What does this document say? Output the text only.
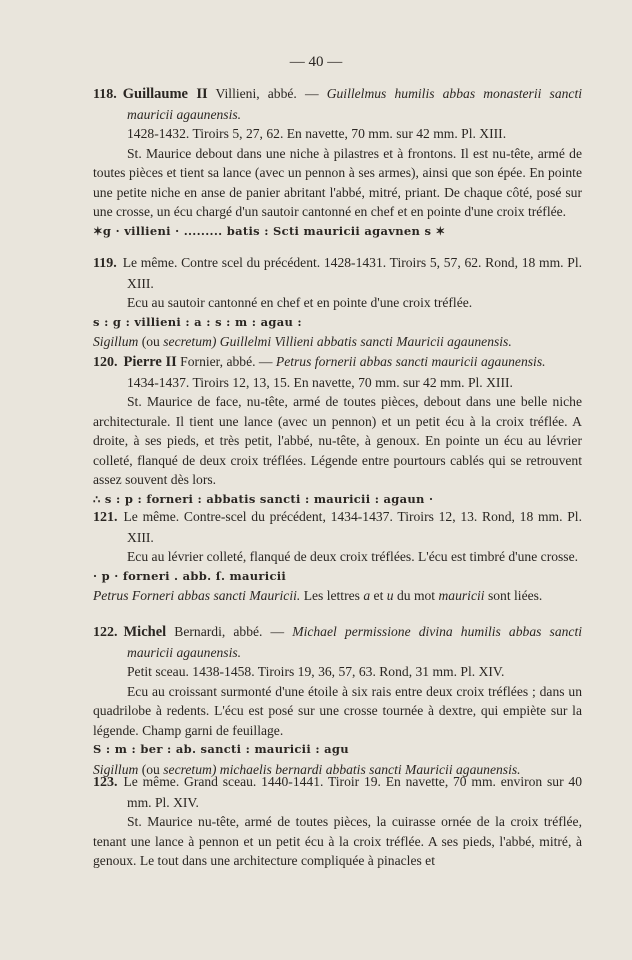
— 40 —

118. Guillaume II Villieni, abbé. — Guillelmus humilis abbas monasterii sancti mauricii agaunensis.

1428-1432. Tiroirs 5, 27, 62. En navette, 70 mm. sur 42 mm. Pl. XIII.

St. Maurice debout dans une niche à pilastres et à frontons. Il est nu-tête, armé de toutes pièces et tient sa lance (avec un pennon à ses armes), ainsi que son épée. En pointe une petite niche en anse de panier abritant l'abbé, mitré, priant. De chaque côté, posé sur une crosse, un écu chargé d'un sautoir cantonné en chef et en pointe d'une croix tréflée.

✶g · villieni · ......... batis : Scti mauricii agavnen s ✶

119. Le même. Contre scel du précédent. 1428-1431. Tiroirs 5, 57, 62. Rond, 18 mm. Pl. XIII.

Ecu au sautoir cantonné en chef et en pointe d'une croix tréflée.

s : g : villieni : a : s : m : agau :

Sigillum (ou secretum) Guillelmi Villieni abbatis sancti Mauricii agaunensis.

120. Pierre II Fornier, abbé. — Petrus fornerii abbas sancti mauricii agaunensis.

1434-1437. Tiroirs 12, 13, 15. En navette, 70 mm. sur 42 mm. Pl. XIII.

St. Maurice de face, nu-tête, armé de toutes pièces, debout dans une belle niche architecturale. Il tient une lance (avec un pennon) et un petit écu à la croix tréflée. A droite, à ses pieds, et très petit, l'abbé, nu-tête, à genoux. En pointe un écu au lévrier colleté, flanqué de deux croix tréflées. Légende entre pourtours cablés qui se retrouvent assez souvent dès lors.

∴ s : p : forneri : abbatis sancti : mauricii : agaun ·

121. Le même. Contre-scel du précédent, 1434-1437. Tiroirs 12, 13. Rond, 18 mm. Pl. XIII.

Ecu au lévrier colleté, flanqué de deux croix tréflées. L'écu est timbré d'une crosse.

· p · forneri . abb. ſ. mauricii

Petrus Forneri abbas sancti Mauricii. Les lettres a et u du mot mauricii sont liées.

122. Michel Bernardi, abbé. — Michael permissione divina humilis abbas sancti mauricii agaunensis.

Petit sceau. 1438-1458. Tiroirs 19, 36, 57, 63. Rond, 31 mm. Pl. XIV.

Ecu au croissant surmonté d'une étoile à six rais entre deux croix tréflées ; dans un quadrilobe à redents. L'écu est posé sur une crosse tournée à dextre, qui empiète sur la légende. Champ garni de feuillage.

S : m : ber : ab. sancti : mauricii : agu

Sigillum (ou secretum) michaelis bernardi abbatis sancti Mauricii agaunensis.

123. Le même. Grand sceau. 1440-1441. Tiroir 19. En navette, 70 mm. environ sur 40 mm. Pl. XIV.

St. Maurice nu-tête, armé de toutes pièces, la cuirasse ornée de la croix tréflée, tenant une lance à pennon et un petit écu à la croix tréflée. A ses pieds, l'abbé, mitré, à genoux. Le tout dans une architecture compliquée à pinacles et
